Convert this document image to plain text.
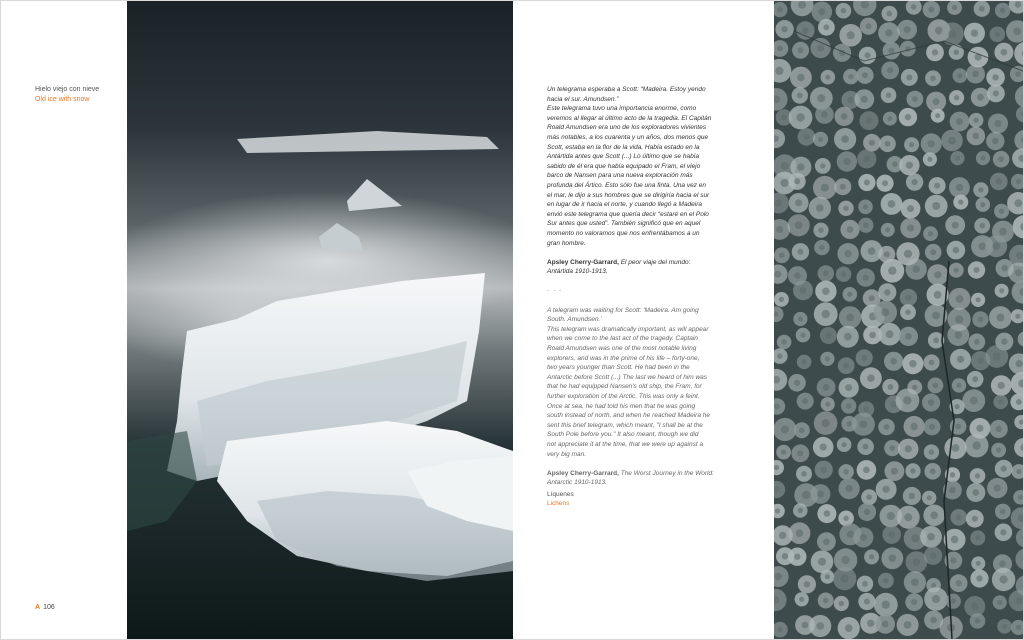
Hielo viejo con nieve
Old ice with snow
A 106

Un telegrama esperaba a Scott: “Madeira. Estoy yendo

hacia el sur. Amundsen.”

Este telegrama tuvo una importancia enorme, como

veremos al llegar al último acto de la tragedia. El Capitán

Roald Amundsen era uno de los exploradores vivientes

más notables, a los cuarenta y un años, dos menos que

Scott, estaba en la flor de la vida. Había estado en la

Antártida antes que Scott (...) Lo último que se había

sabido de él era que había equipado el Fram, el viejo

barco de Nansen para una nueva exploración más

profunda del Ártico. Esto sólo fue una finta. Una vez en

el mar, le dijo a sus hombres que se dirigiría hacia el sur

en lugar de ir hacia el norte, y cuando llegó a Madeira

envió este telegrama que quería decir “estaré en el Polo

Sur antes que usted”. También significó que en aquel

momento no valoramos que nos enfrentábamos a un

gran hombre.

Apsley Cherry-Garrard, El peor viaje del mundo:

Antártida 1910-1913.

- - -

A telegram was waiting for Scott: 'Madeira. Am going

South. Amundsen.'

This telegram was dramatically important, as will appear

when we come to the last act of the tragedy. Captain

Roald Amundsen was one of the most notable living

explorers, and was in the prime of his life – forty-one,

two years younger than Scott. He had been in the

Antarctic before Scott (...) The last we heard of him was

that he had equipped Nansen's old ship, the Fram, for

further exploration of the Arctic. This was only a feint.

Once at sea, he had told his men that he was going

south instead of north, and when he reached Madeira he

sent this brief telegram, which meant, "I shall be at the

South Pole before you." It also meant, though we did

not appreciate it at the time, that we were up against a

very big man.

Apsley Cherry-Garrard, The Worst Journey in the World:

Antarctic 1910-1913.

Líquenes
Lichens
